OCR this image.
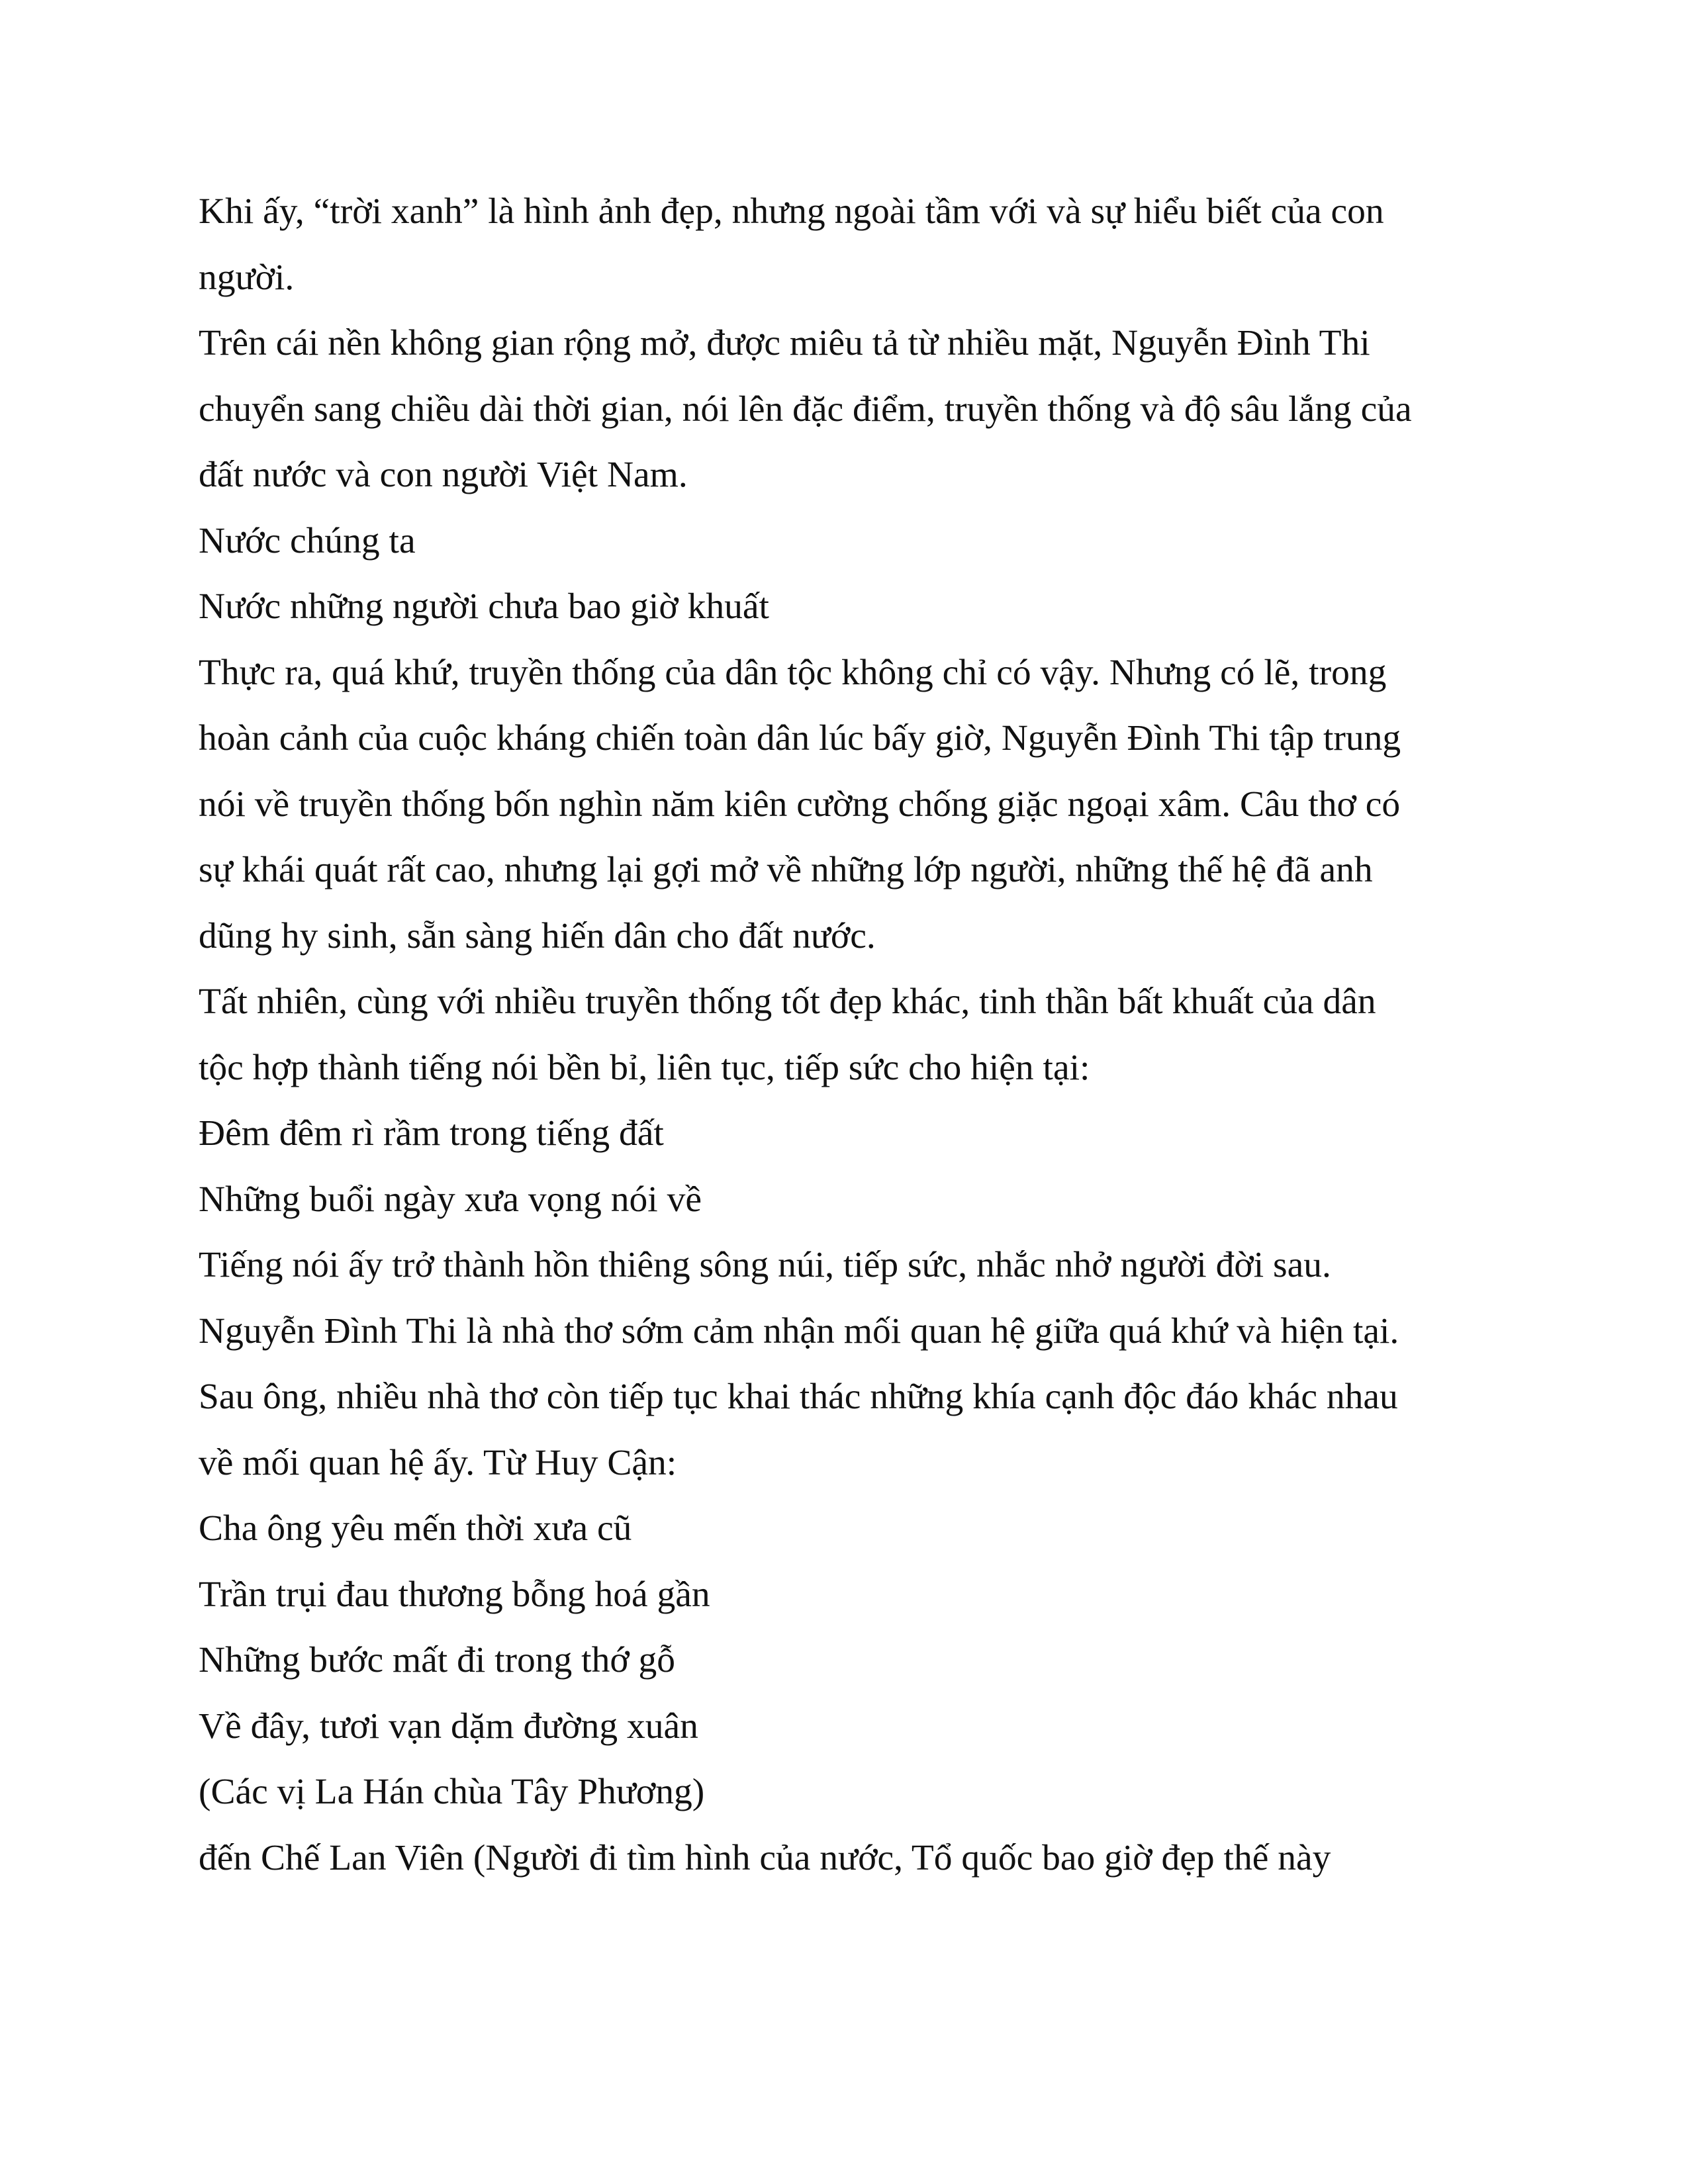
Khi ấy, “trời xanh” là hình ảnh đẹp, nhưng ngoài tầm với và sự hiểu biết của con
người.
Trên cái nền không gian rộng mở, được miêu tả từ nhiều mặt, Nguyễn Đình Thi
chuyển sang chiều dài thời gian, nói lên đặc điểm, truyền thống và độ sâu lắng của
đất nước và con người Việt Nam.
Nước chúng ta
Nước những người chưa bao giờ khuất
Thực ra, quá khứ, truyền thống của dân tộc không chỉ có vậy. Nhưng có lẽ, trong
hoàn cảnh của cuộc kháng chiến toàn dân lúc bấy giờ, Nguyễn Đình Thi tập trung
nói về truyền thống bốn nghìn năm kiên cường chống giặc ngoại xâm. Câu thơ có
sự khái quát rất cao, nhưng lại gợi mở về những lớp người, những thế hệ đã anh
dũng hy sinh, sẵn sàng hiến dân cho đất nước.
Tất nhiên, cùng với nhiều truyền thống tốt đẹp khác, tinh thần bất khuất của dân
tộc hợp thành tiếng nói bền bỉ, liên tục, tiếp sức cho hiện tại:
Đêm đêm rì rầm trong tiếng đất
Những buổi ngày xưa vọng nói về
Tiếng nói ấy trở thành hồn thiêng sông núi, tiếp sức, nhắc nhở người đời sau.
Nguyễn Đình Thi là nhà thơ sớm cảm nhận mối quan hệ giữa quá khứ và hiện tại.
Sau ông, nhiều nhà thơ còn tiếp tục khai thác những khía cạnh độc đáo khác nhau
về mối quan hệ ấy. Từ Huy Cận:
Cha ông yêu mến thời xưa cũ
Trần trụi đau thương bỗng hoá gần
Những bước mất đi trong thớ gỗ
Về đây, tươi vạn dặm đường xuân
(Các vị La Hán chùa Tây Phương)
đến Chế Lan Viên (Người đi tìm hình của nước, Tổ quốc bao giờ đẹp thế này
